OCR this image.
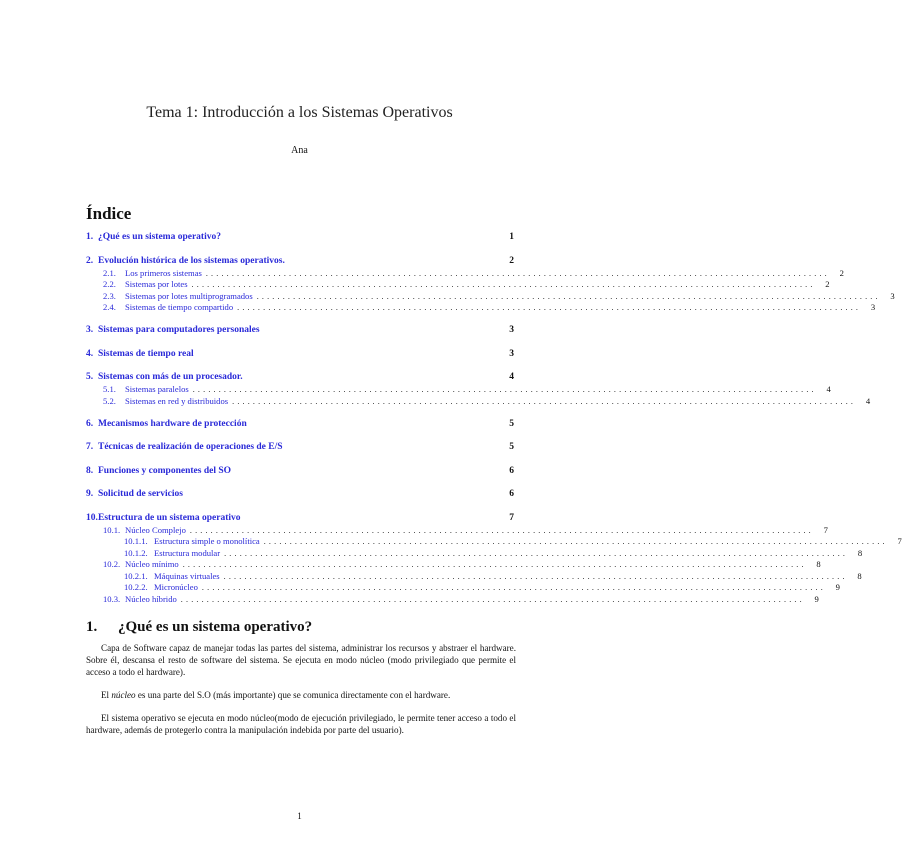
Tema 1: Introducción a los Sistemas Operativos
Ana
Índice
1. ¿Qué es un sistema operativo?	1
2. Evolución histórica de los sistemas operativos.	2
2.1.	Los primeros sistemas ........................................................................................................................	2
2.2.	Sistemas por lotes ........................................................................................................................	2
2.3.	Sistemas por lotes multiprogramados ........................................................................................................................	3
2.4.	Sistemas de tiempo compartido ........................................................................................................................	3
3. Sistemas para computadores personales	3
4. Sistemas de tiempo real	3
5. Sistemas con más de un procesador.	4
5.1.	Sistemas paralelos ........................................................................................................................	4
5.2.	Sistemas en red y distribuidos ........................................................................................................................	4
6. Mecanismos hardware de protección	5
7. Técnicas de realización de operaciones de E/S	5
8. Funciones y componentes del SO	6
9. Solicitud de servicios	6
10. Estructura de un sistema operativo	7
10.1. Núcleo Complejo ........................................................................................................................	7
10.1.1. Estructura simple o monolítica ........................................................................................................................	7
10.1.2. Estructura modular ........................................................................................................................	8
10.2. Núcleo mínimo ........................................................................................................................	8
10.2.1. Máquinas virtuales ........................................................................................................................	8
10.2.2. Micronúcleo ........................................................................................................................	9
10.3. Núcleo híbrido ........................................................................................................................	9
1. ¿Qué es un sistema operativo?
Capa de Software capaz de manejar todas las partes del sistema, administrar los recursos y abstraer el hardware. Sobre él, descansa el resto de software del sistema. Se ejecuta en modo núcleo (modo privilegiado que permite el acceso a todo el hardware).
El núcleo es una parte del S.O (más importante) que se comunica directamente con el hardware.
El sistema operativo se ejecuta en modo núcleo(modo de ejecución privilegiado, le permite tener acceso a todo el hardware, además de protegerlo contra la manipulación indebida por parte del usuario).
1
